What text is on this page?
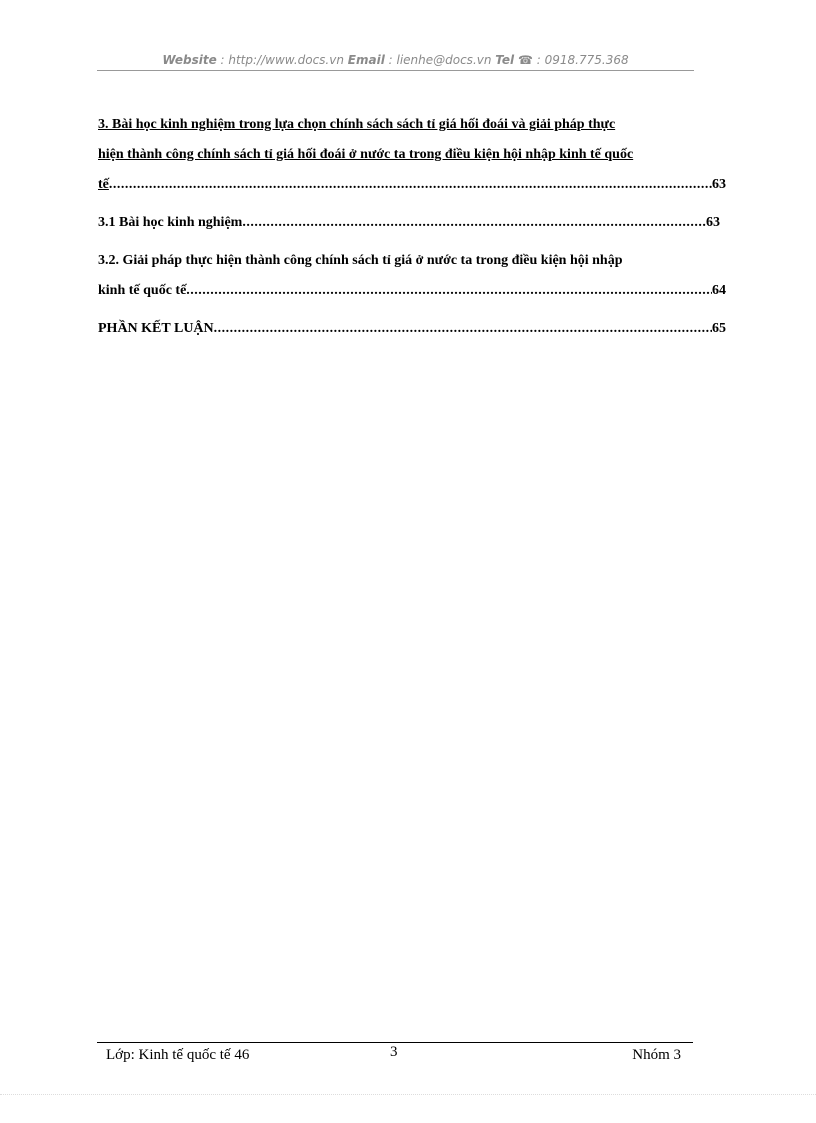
Website : http://www.docs.vn Email : lienhe@docs.vn Tel ☎ : 0918.775.368
3. Bài học kinh nghiệm trong lựa chọn chính sách sách tỉ giá hối đoái và giải pháp thực
hiện thành công chính sách tỉ giá hối đoái ở nước ta trong điều kiện hội nhập kinh tế quốc
tế .....	63
3.1 Bài học kinh nghiệm .....	63
3.2. Giải pháp thực hiện thành công chính sách tỉ giá ở nước ta trong điều kiện hội nhập
kinh tế quốc tế .....	64
PHẦN KẾT LUẬN .....	65
Lớp: Kinh tế quốc tế 46	3	Nhóm 3
